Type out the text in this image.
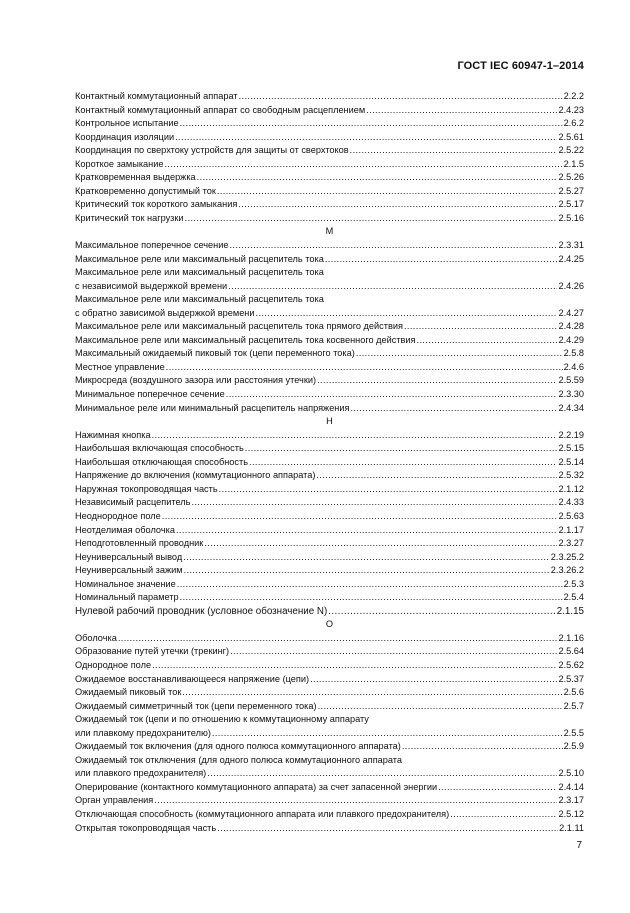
ГОСТ IEC 60947-1–2014
Контактный коммутационный аппарат .....	2.2.2
Контактный коммутационный аппарат со свободным расцеплением .....	2.4.23
Контрольное испытание .....	2.6.2
Координация изоляции .....	2.5.61
Координация по сверхтоку устройств для защиты от сверхтоков .....	2.5.22
Короткое замыкание .....	2.1.5
Кратковременная выдержка .....	2.5.26
Кратковременно допустимый ток .....	2.5.27
Критический ток короткого замыкания .....	2.5.17
Критический ток нагрузки .....	2.5.16
M
Максимальное поперечное сечение .....	2.3.31
Максимальное реле или максимальный расцепитель тока .....	2.4.25
Максимальное реле или максимальный расцепитель тока
с независимой выдержкой времени .....	2.4.26
Максимальное реле или максимальный расцепитель тока
с обратно зависимой выдержкой времени .....	2.4.27
Максимальное реле или максимальный расцепитель тока прямого действия .....	2.4.28
Максимальное реле или максимальный расцепитель тока косвенного действия .....	2.4.29
Максимальный ожидаемый пиковый ток (цепи переменного тока) .....	2.5.8
Местное управление .....	2.4.6
Микросреда (воздушного зазора или расстояния утечки) .....	2.5.59
Минимальное поперечное сечение .....	2.3.30
Минимальное реле или минимальный расцепитель напряжения .....	2.4.34
Н
Нажимная кнопка .....	2.2.19
Наибольшая включающая способность .....	2.5.15
Наибольшая отключающая способность .....	2.5.14
Напряжение до включения (коммутационного аппарата) .....	2.5.32
Наружная токопроводящая часть .....	2.1.12
Независимый расцепитель .....	2.4.33
Неоднородное поле .....	2.5.63
Неотделимая оболочка .....	2.1.17
Неподготовленный проводник .....	2.3.27
Неуниверсальный вывод .....	2.3.25.2
Неуниверсальный зажим .....	2.3.26.2
Номинальное значение .....	2.5.3
Номинальный параметр .....	2.5.4
Нулевой рабочий проводник (условное обозначение N) .....	2.1.15
О
Оболочка .....	2.1.16
Образование путей утечки (трекинг) .....	2.5.64
Однородное поле .....	2.5.62
Ожидаемое восстанавливающееся напряжение (цепи) .....	2.5.37
Ожидаемый пиковый ток .....	2.5.6
Ожидаемый симметричный ток (цепи переменного тока) .....	2.5.7
Ожидаемый ток (цепи и по отношению к коммутационному аппарату
или плавкому предохранителю) .....	2.5.5
Ожидаемый ток включения (для одного полюса коммутационного аппарата) .....	2.5.9
Ожидаемый ток отключения (для одного полюса коммутационного аппарата
или плавкого предохранителя) .....	2.5.10
Оперирование (контактного коммутационного аппарата) за счет запасенной энергии .....	2.4.14
Орган управления .....	2.3.17
Отключающая способность (коммутационного аппарата или плавкого предохранителя) .....	2.5.12
Открытая токопроводящая часть .....	2.1.11
7
